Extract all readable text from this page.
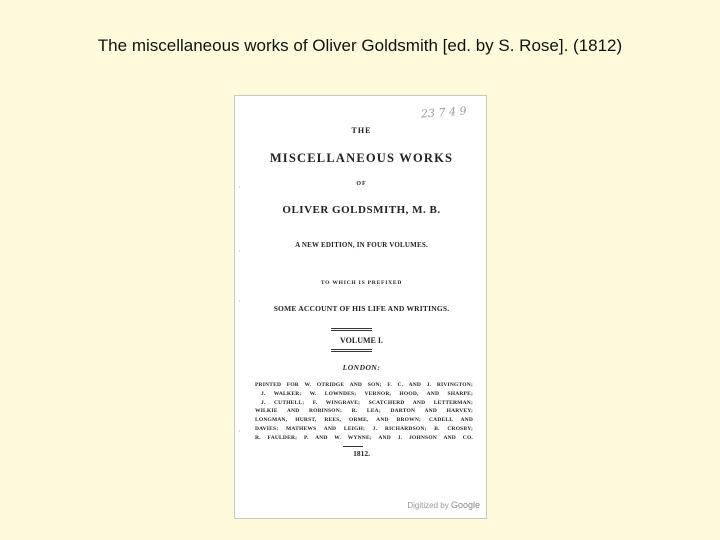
The miscellaneous works of Oliver Goldsmith [ed. by S. Rose]. (1812)
23 7 4 9
·
·
·
·
THE
MISCELLANEOUS WORKS
OF
OLIVER GOLDSMITH, M. B.
A NEW EDITION, IN FOUR VOLUMES.
TO WHICH IS PREFIXED
SOME ACCOUNT OF HIS LIFE AND WRITINGS.
VOLUME I.
LONDON:
PRINTED FOR W. OTRIDGE AND SON; F. C. AND J. RIVINGTON;
J. WALKER; W. LOWNDES; VERNOR, HOOD, AND SHARPE;
J. CUTHELL; F. WINGRAVE; SCATCHERD AND LETTERMAN;
WILKIE AND ROBINSON; R. LEA; DARTON AND HARVEY;
LONGMAN, HURST, REES, ORME, AND BROWN; CADELL AND
DAVIES; MATHEWS AND LEIGH; J. RICHARDSON; B. CROSBY;
R. FAULDER; P. AND W. WYNNE; AND J. JOHNSON AND CO.
1812.
Digitized by Google
